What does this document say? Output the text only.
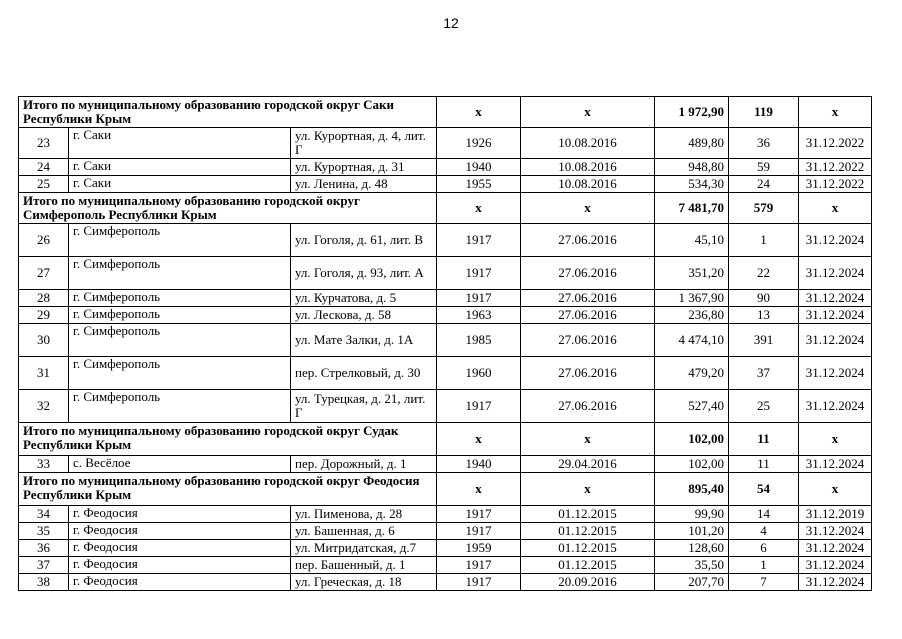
12
Итого по муниципальному образованию городской округ Саки Республики Крым			х	х	1 972,90	119	х
23	г. Саки	ул. Курортная, д. 4, лит. Г	1926	10.08.2016	489,80	36	31.12.2022
24	г. Саки	ул. Курортная, д. 31	1940	10.08.2016	948,80	59	31.12.2022
25	г. Саки	ул. Ленина, д. 48	1955	10.08.2016	534,30	24	31.12.2022
Итого по муниципальному образованию городской округ Симферополь Республики Крым			х	х	7 481,70	579	х
26	г. Симферополь	ул. Гоголя, д. 61, лит. В	1917	27.06.2016	45,10	1	31.12.2024
27	г. Симферополь	ул. Гоголя, д. 93, лит. А	1917	27.06.2016	351,20	22	31.12.2024
28	г. Симферополь	ул. Курчатова, д. 5	1917	27.06.2016	1 367,90	90	31.12.2024
29	г. Симферополь	ул. Лескова, д. 58	1963	27.06.2016	236,80	13	31.12.2024
30	г. Симферополь	ул. Мате Залки, д. 1А	1985	27.06.2016	4 474,10	391	31.12.2024
31	г. Симферополь	пер. Стрелковый, д. 30	1960	27.06.2016	479,20	37	31.12.2024
32	г. Симферополь	ул. Турецкая, д. 21, лит. Г	1917	27.06.2016	527,40	25	31.12.2024
Итого по муниципальному образованию городской округ Судак Республики Крым			х	х	102,00	11	х
33	с. Весёлое	пер. Дорожный, д. 1	1940	29.04.2016	102,00	11	31.12.2024
Итого по муниципальному образованию городской округ Феодосия Республики Крым			х	х	895,40	54	х
34	г. Феодосия	ул. Пименова, д. 28	1917	01.12.2015	99,90	14	31.12.2019
35	г. Феодосия	ул. Башенная, д. 6	1917	01.12.2015	101,20	4	31.12.2024
36	г. Феодосия	ул. Митридатская, д.7	1959	01.12.2015	128,60	6	31.12.2024
37	г. Феодосия	пер. Башенный, д. 1	1917	01.12.2015	35,50	1	31.12.2024
38	г. Феодосия	ул. Греческая, д. 18	1917	20.09.2016	207,70	7	31.12.2024
